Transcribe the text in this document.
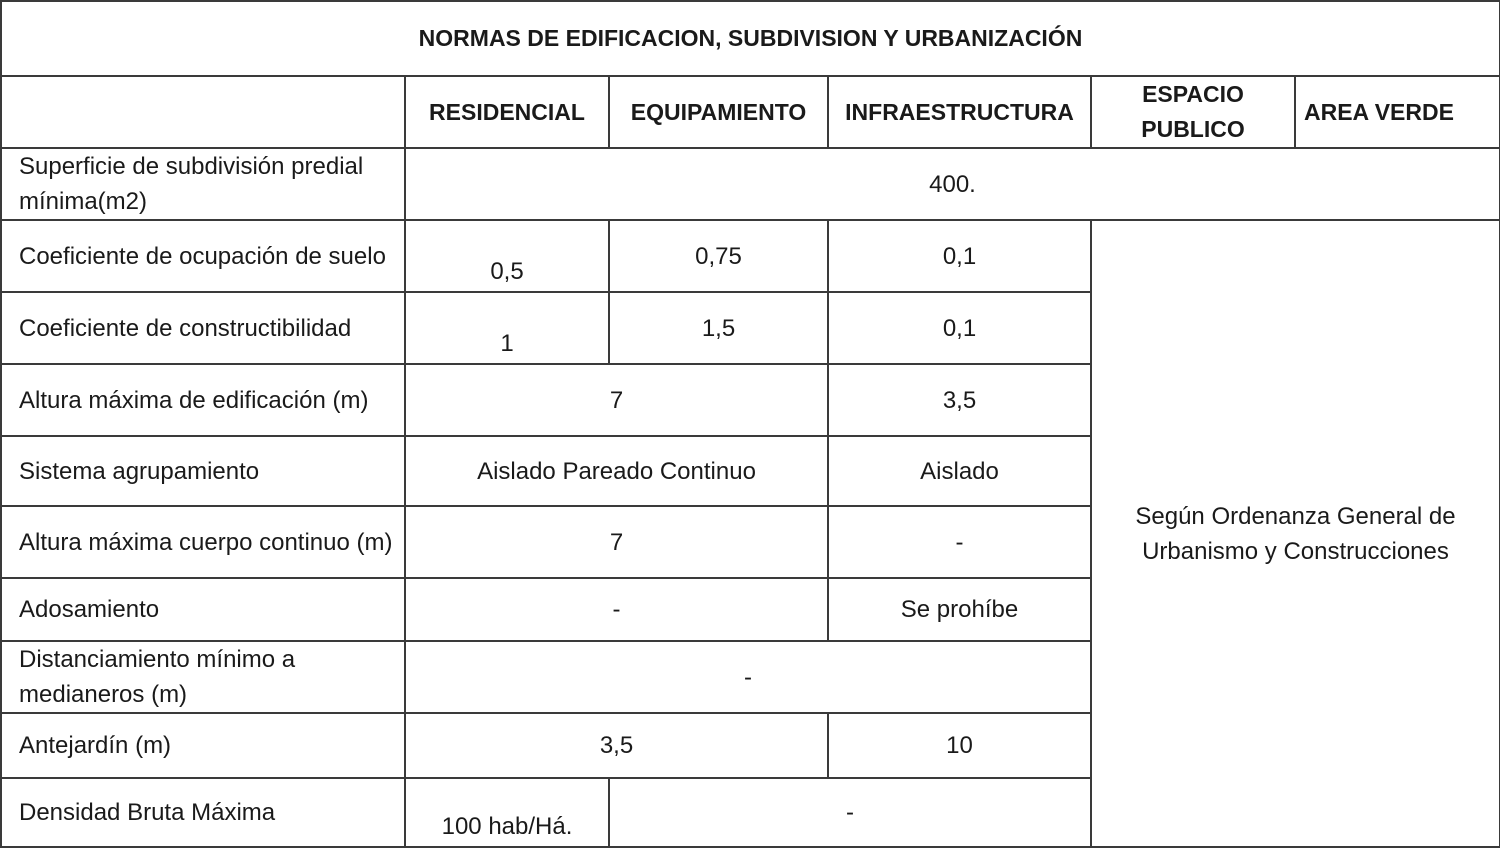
NORMAS DE EDIFICACION, SUBDIVISION Y URBANIZACIÓN					
	RESIDENCIAL	EQUIPAMIENTO	INFRAESTRUCTURA	ESPACIO PUBLICO	AREA VERDE
Superficie de subdivisión predial mínima(m2)	400.				
Coeficiente de ocupación de suelo	0,5	0,75	0,1	Según Ordenanza General de Urbanismo y Construcciones	
Coeficiente de constructibilidad	1	1,5	0,1		
Altura máxima de edificación (m)	7		3,5		
Sistema agrupamiento	Aislado Pareado Continuo		Aislado		
Altura máxima cuerpo continuo (m)	7		-		
Adosamiento	-		Se prohíbe		
Distanciamiento mínimo a medianeros (m)	-				
Antejardín (m)	3,5		10		
Densidad Bruta Máxima	100 hab/Há.	-			
